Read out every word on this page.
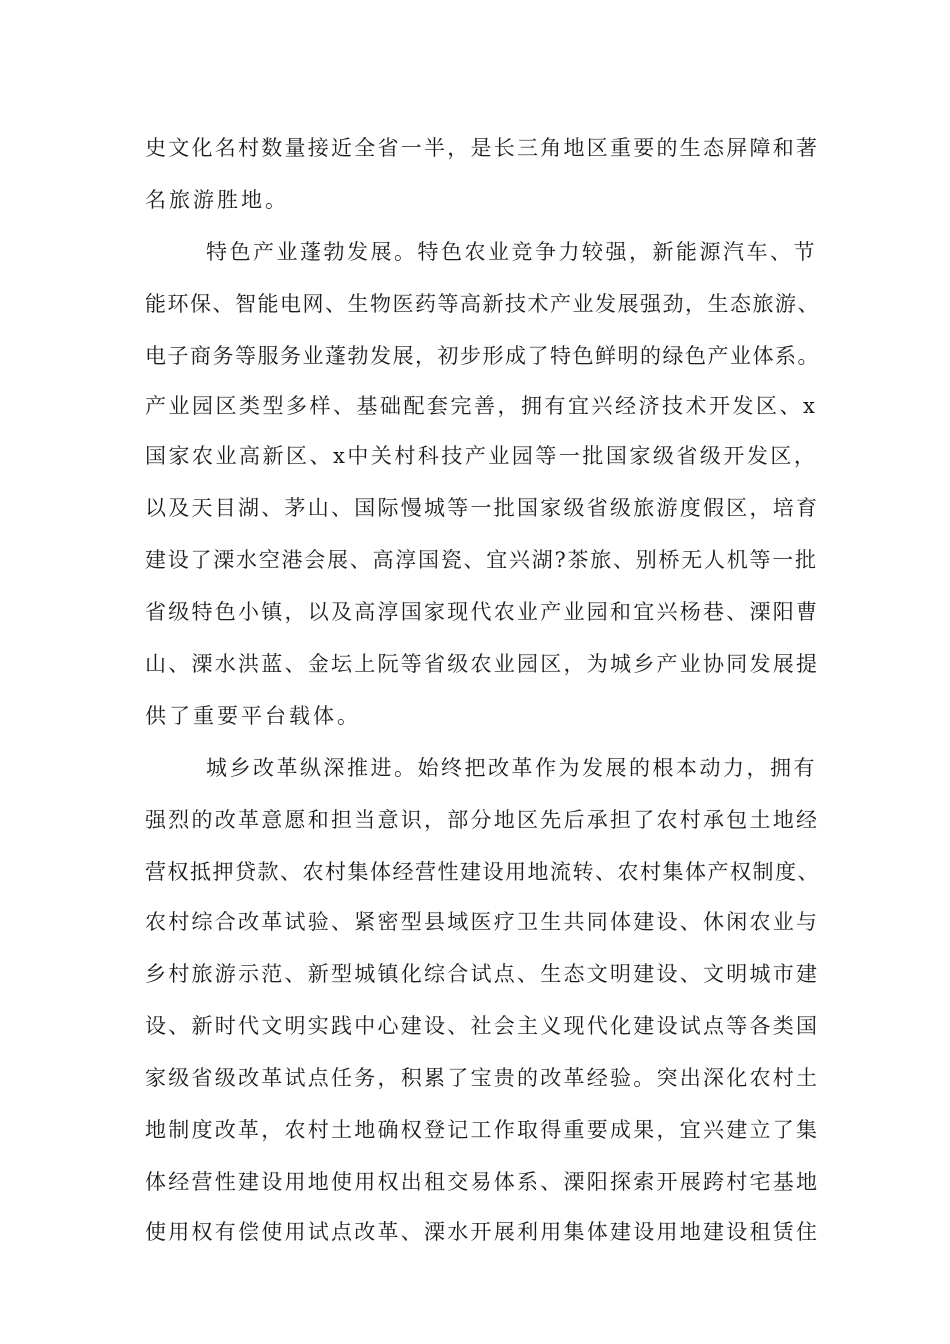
史文化名村数量接近全省一半，是长三角地区重要的生态屏障和著
名旅游胜地。
特色产业蓬勃发展。特色农业竞争力较强，新能源汽车、节
能环保、智能电网、生物医药等高新技术产业发展强劲，生态旅游、
电子商务等服务业蓬勃发展，初步形成了特色鲜明的绿色产业体系。
产业园区类型多样、基础配套完善，拥有宜兴经济技术开发区、x
国家农业高新区、x中关村科技产业园等一批国家级省级开发区，
以及天目湖、茅山、国际慢城等一批国家级省级旅游度假区，培育
建设了溧水空港会展、高淳国瓷、宜兴湖?茶旅、别桥无人机等一批
省级特色小镇，以及高淳国家现代农业产业园和宜兴杨巷、溧阳曹
山、溧水洪蓝、金坛上阮等省级农业园区，为城乡产业协同发展提
供了重要平台载体。
城乡改革纵深推进。始终把改革作为发展的根本动力，拥有
强烈的改革意愿和担当意识，部分地区先后承担了农村承包土地经
营权抵押贷款、农村集体经营性建设用地流转、农村集体产权制度、
农村综合改革试验、紧密型县域医疗卫生共同体建设、休闲农业与
乡村旅游示范、新型城镇化综合试点、生态文明建设、文明城市建
设、新时代文明实践中心建设、社会主义现代化建设试点等各类国
家级省级改革试点任务，积累了宝贵的改革经验。突出深化农村土
地制度改革，农村土地确权登记工作取得重要成果，宜兴建立了集
体经营性建设用地使用权出租交易体系、溧阳探索开展跨村宅基地
使用权有偿使用试点改革、溧水开展利用集体建设用地建设租赁住
